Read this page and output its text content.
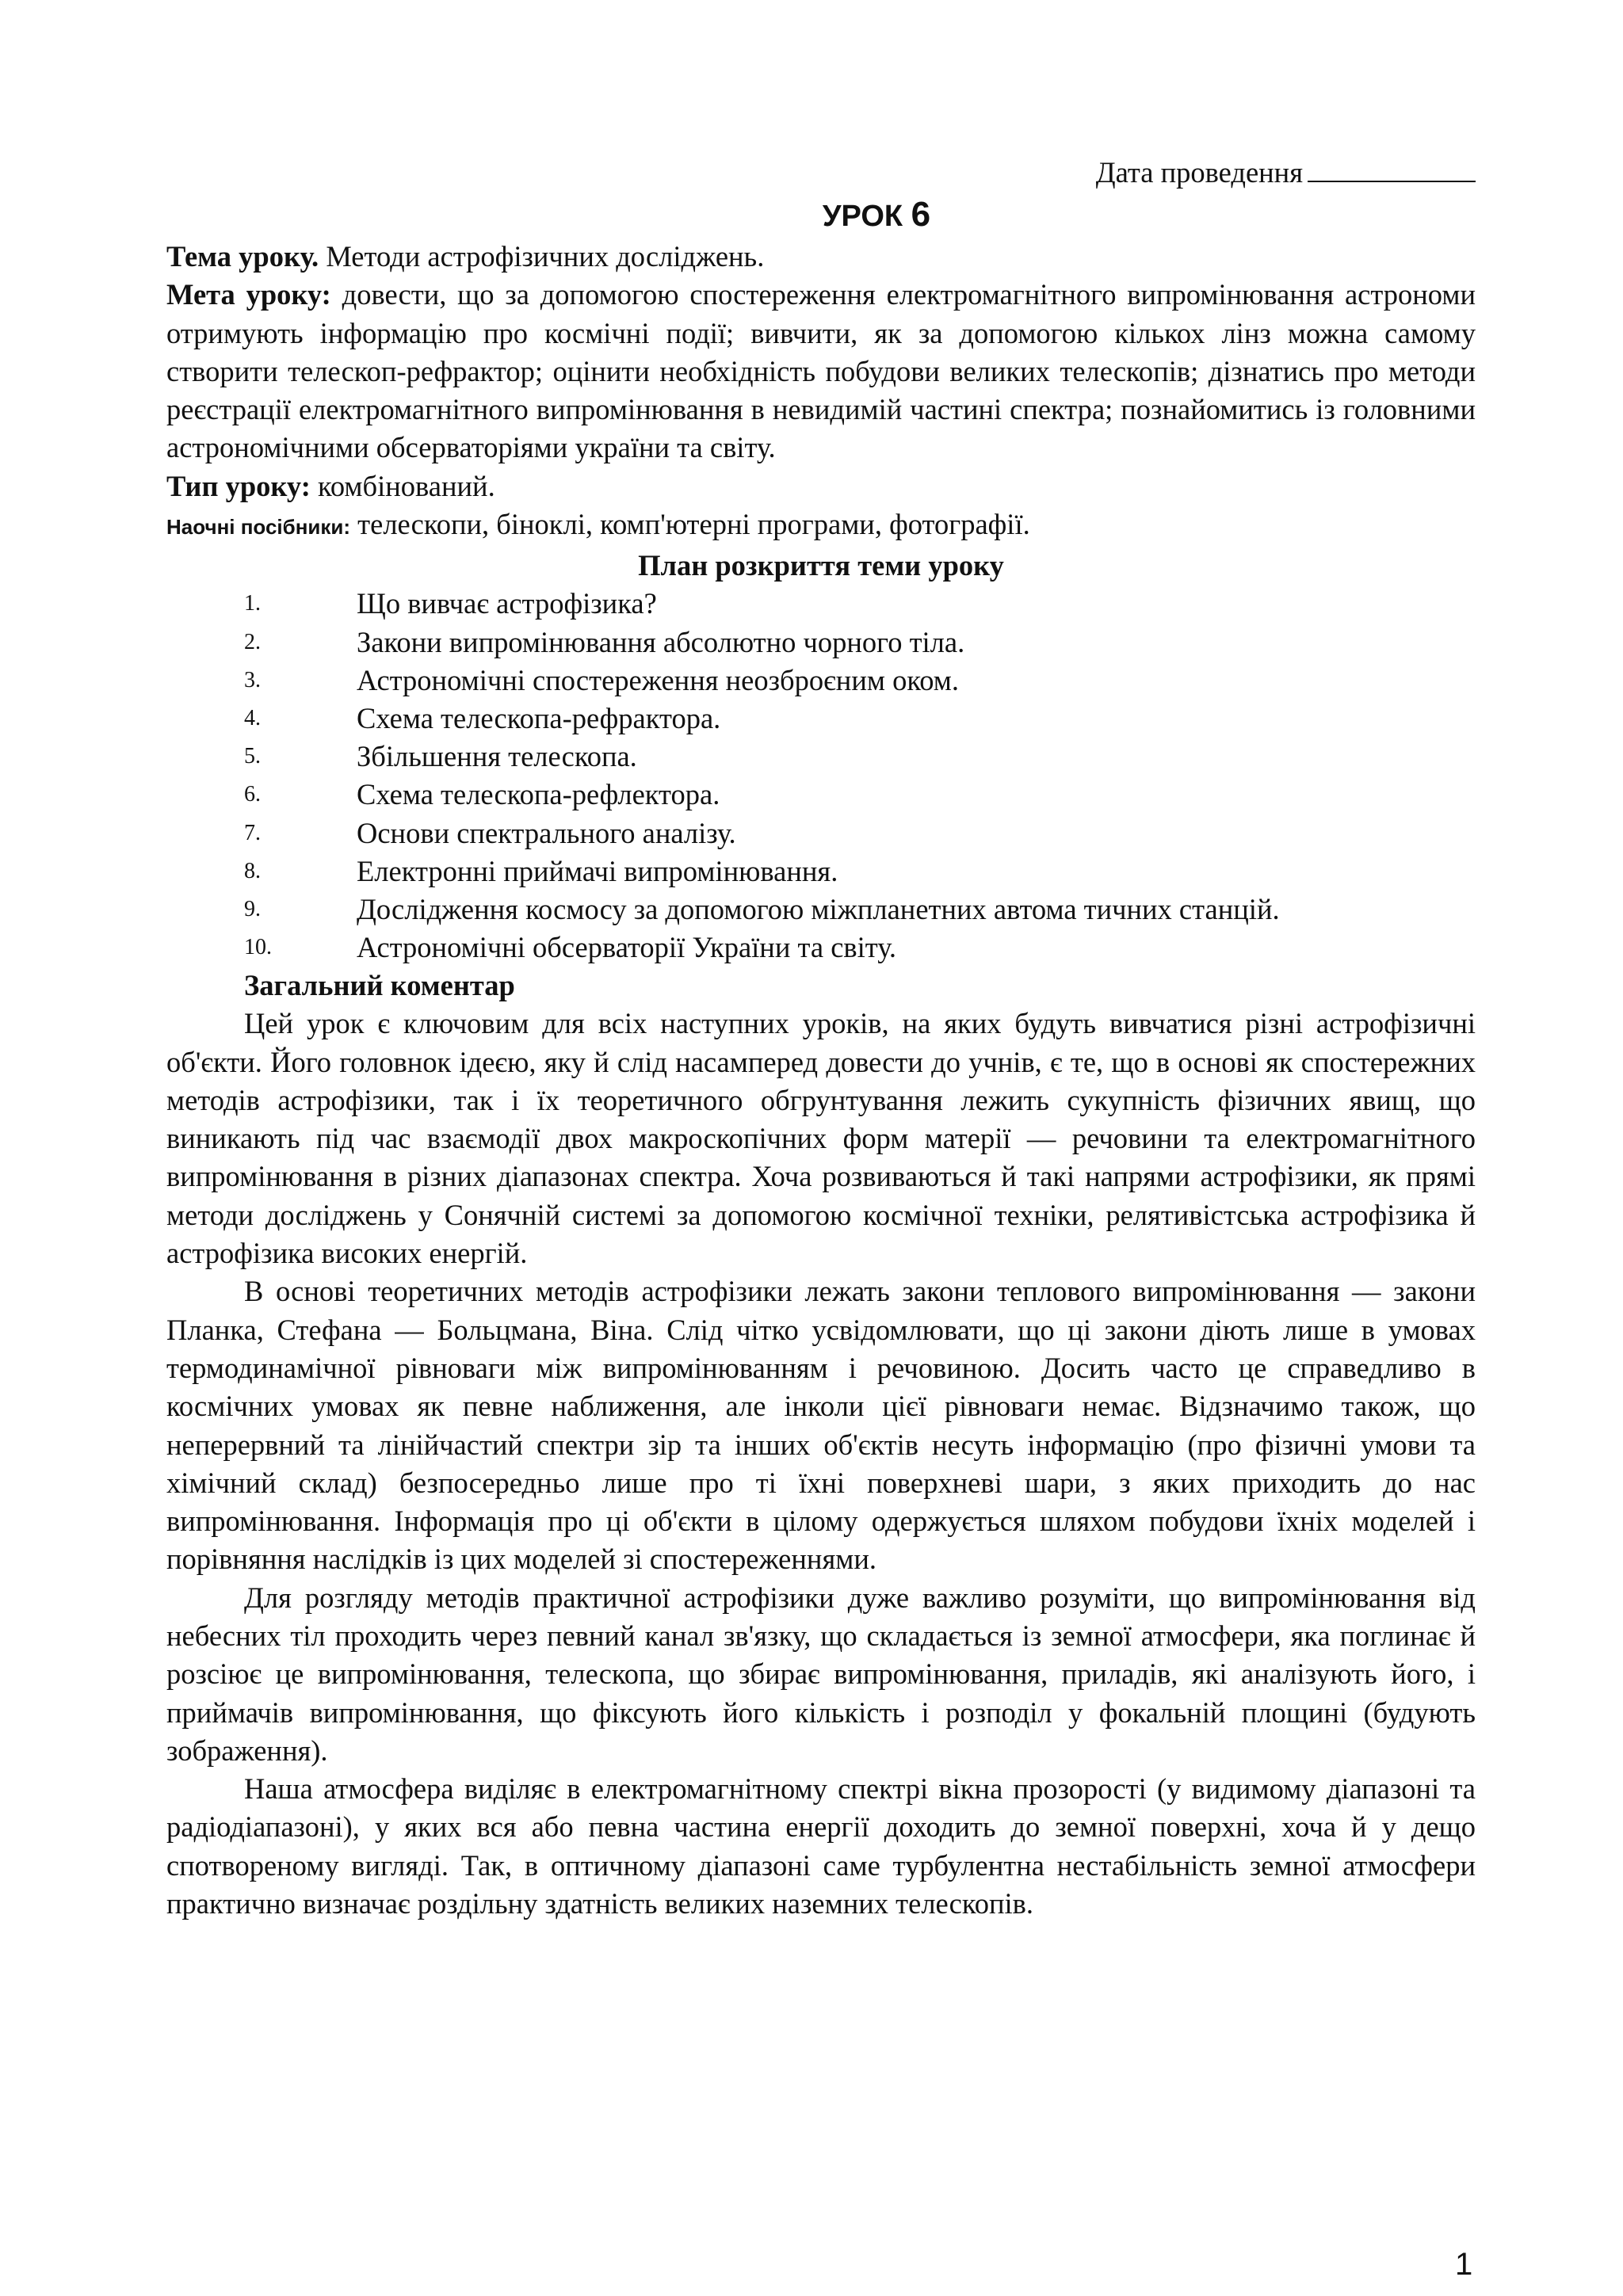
Дата проведення
УРОК 6

Тема уроку. Методи астрофізичних досліджень.

Мета уроку: довести, що за допомогою спостереження електромагнітного випромінювання астрономи отримують інформацію про космічні події; вивчити, як за допомогою кількох лінз можна самому створити телескоп-рефрактор; оцінити необхідність побудови великих телескопів; дізнатись про методи реєстрації електромагнітного випромінювання в невидимій частині спектра; познайомитись із головними астрономічними обсерваторіями україни та світу.

Тип уроку: комбінований.

Наочні посібники: телескопи, біноклі, комп'ютерні програми, фотографії.

План розкриття теми уроку
1.	Що вивчає астрофізика?
2.	Закони випромінювання абсолютно чорного тіла.
3.	Астрономічні спостереження неозброєним оком.
4.	Схема телескопа-рефрактора.
5.	Збільшення телескопа.
6.	Схема телескопа-рефлектора.
7.	Основи спектрального аналізу.
8.	Електронні приймачі випромінювання.
9.	Дослідження космосу за допомогою міжпланетних автома тичних станцій.
10.	Астрономічні обсерваторії України та світу.
Загальний коментар

Цей урок є ключовим для всіх наступних уроків, на яких будуть вивчатися різні астрофізичні об'єкти. Його головнок ідеєю, яку й слід насамперед довести до учнів, є те, що в основі як спостережних методів астрофізики, так і їх теоретичного обгрунтування лежить сукупність фізичних явищ, що виникають під час взаємодії двох макроскопічних форм матерії — речовини та електромагнітного випромінювання в різних діапазонах спектра. Хоча розвиваються й такі напрями астрофізики, як прямі методи досліджень у Сонячній системі за допомогою космічної техніки, релятивістська астрофізика й астрофізика високих енергій.

В основі теоретичних методів астрофізики лежать закони теплового випромінювання — закони Планка, Стефана — Больцмана, Віна. Слід чітко усвідомлювати, що ці закони діють лише в умовах термодинамічної рівноваги між випромінюванням і речовиною. Досить часто це справедливо в космічних умовах як певне наближення, але інколи цієї рівноваги немає. Відзначимо також, що неперервний та лінійчастий спектри зір та інших об'єктів несуть інформацію (про фізичні умови та хімічний склад) безпосередньо лише про ті їхні поверхневі шари, з яких приходить до нас випромінювання. Інформація про ці об'єкти в цілому одержується шляхом побудови їхніх моделей і порівняння наслідків із цих моделей зі спостереженнями.

Для розгляду методів практичної астрофізики дуже важливо розуміти, що випромінювання від небесних тіл проходить через певний канал зв'язку, що складається із земної атмосфери, яка поглинає й розсіює це випромінювання, телескопа, що збирає випромінювання, приладів, які аналізують його, і приймачів випромінювання, що фіксують його кількість і розподіл у фокальній площині (будують зображення).

Наша атмосфера виділяє в електромагнітному спектрі вікна прозорості (у видимому діапазоні та радіодіапазоні), у яких вся або певна частина енергії доходить до земної поверхні, хоча й у дещо спотвореному вигляді. Так, в оптичному діапазоні саме турбулентна нестабільність земної атмосфери практично визначає роздільну здатність великих наземних телескопів.

1
